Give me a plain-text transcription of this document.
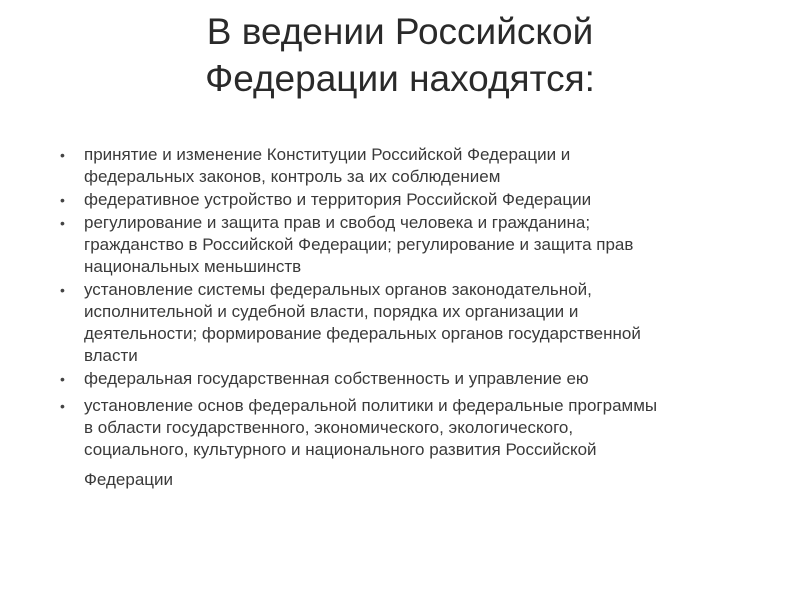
В ведении Российской
Федерации находятся:
• принятие и изменение Конституции Российской Федерации и
федеральных законов, контроль за их соблюдением
• федеративное устройство и территория Российской Федерации
• регулирование и защита прав и свобод человека и гражданина;
гражданство в Российской Федерации; регулирование и защита прав
национальных меньшинств
• установление системы федеральных органов законодательной,
исполнительной и судебной власти, порядка их организации и
деятельности; формирование федеральных органов государственной
власти
• федеральная государственная собственность и управление ею
• установление основ федеральной политики и федеральные программы
в области государственного, экономического, экологического,
социального, культурного и национального развития Российской
Федерации
